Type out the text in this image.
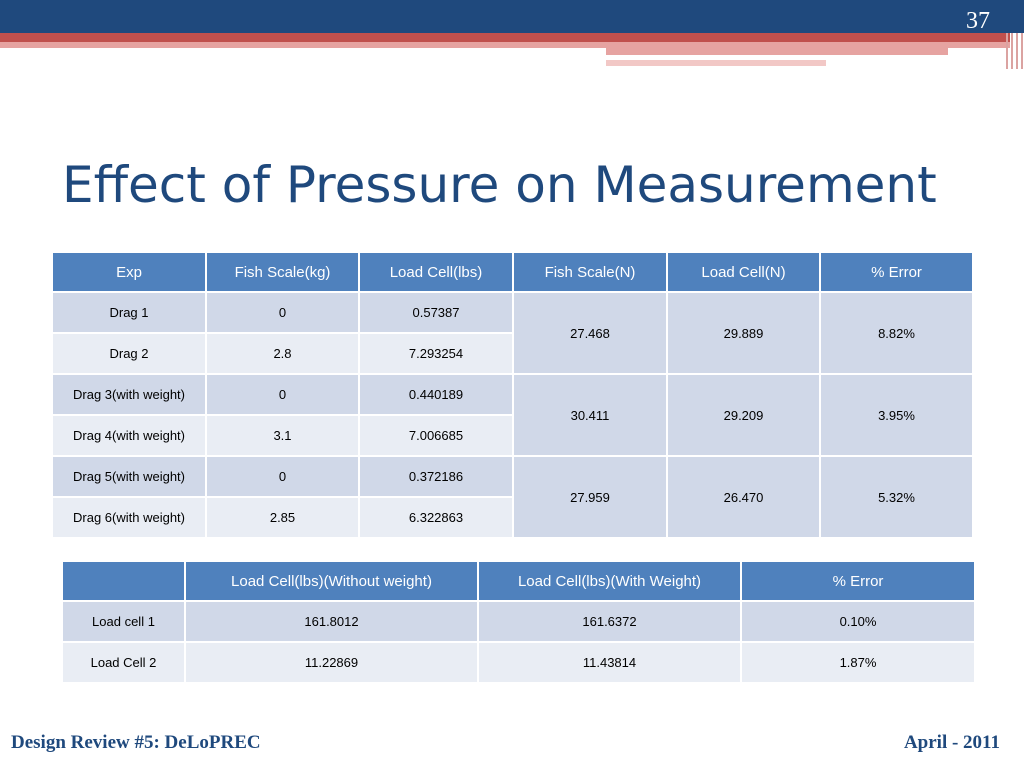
37
Effect of Pressure on Measurement
Exp	Fish Scale(kg)	Load Cell(lbs)	Fish Scale(N)	Load Cell(N)	% Error
Drag 1	0	0.57387	27.468	29.889	8.82%
Drag 2	2.8	7.293254			
Drag 3(with weight)	0	0.440189	30.411	29.209	3.95%
Drag 4(with weight)	3.1	7.006685			
Drag 5(with weight)	0	0.372186	27.959	26.470	5.32%
Drag 6(with weight)	2.85	6.322863			
	Load Cell(lbs)(Without weight)	Load Cell(lbs)(With Weight)	% Error
Load cell 1	161.8012	161.6372	0.10%
Load Cell 2	11.22869	11.43814	1.87%
Design Review #5: DeLoPREC	April - 2011
